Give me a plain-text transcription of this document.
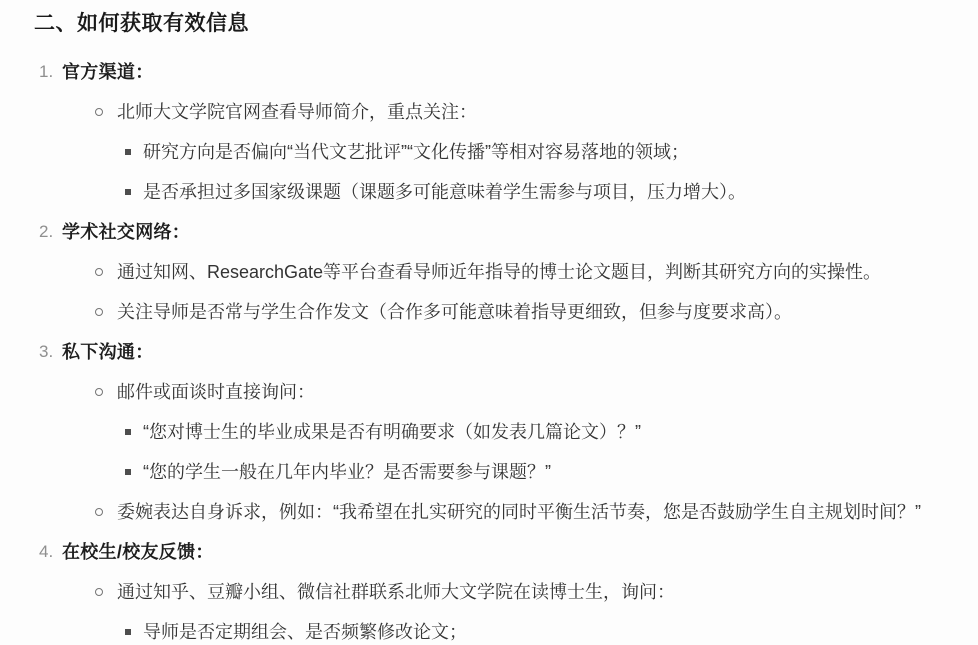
二、如何获取有效信息
1. 官方渠道：
北师大文学院官网查看导师简介，重点关注：
研究方向是否偏向“当代文艺批评”“文化传播”等相对容易落地的领域；
是否承担过多国家级课题（课题多可能意味着学生需参与项目，压力增大）。
2. 学术社交网络：
通过知网、ResearchGate等平台查看导师近年指导的博士论文题目，判断其研究方向的实操性。
关注导师是否常与学生合作发文（合作多可能意味着指导更细致，但参与度要求高）。
3. 私下沟通：
邮件或面谈时直接询问：
“您对博士生的毕业成果是否有明确要求（如发表几篇论文）？”
“您的学生一般在几年内毕业？是否需要参与课题？”
委婉表达自身诉求，例如：“我希望在扎实研究的同时平衡生活节奏，您是否鼓励学生自主规划时间？”
4. 在校生/校友反馈：
通过知乎、豆瓣小组、微信社群联系北师大文学院在读博士生，询问：
导师是否定期组会、是否频繁修改论文；
